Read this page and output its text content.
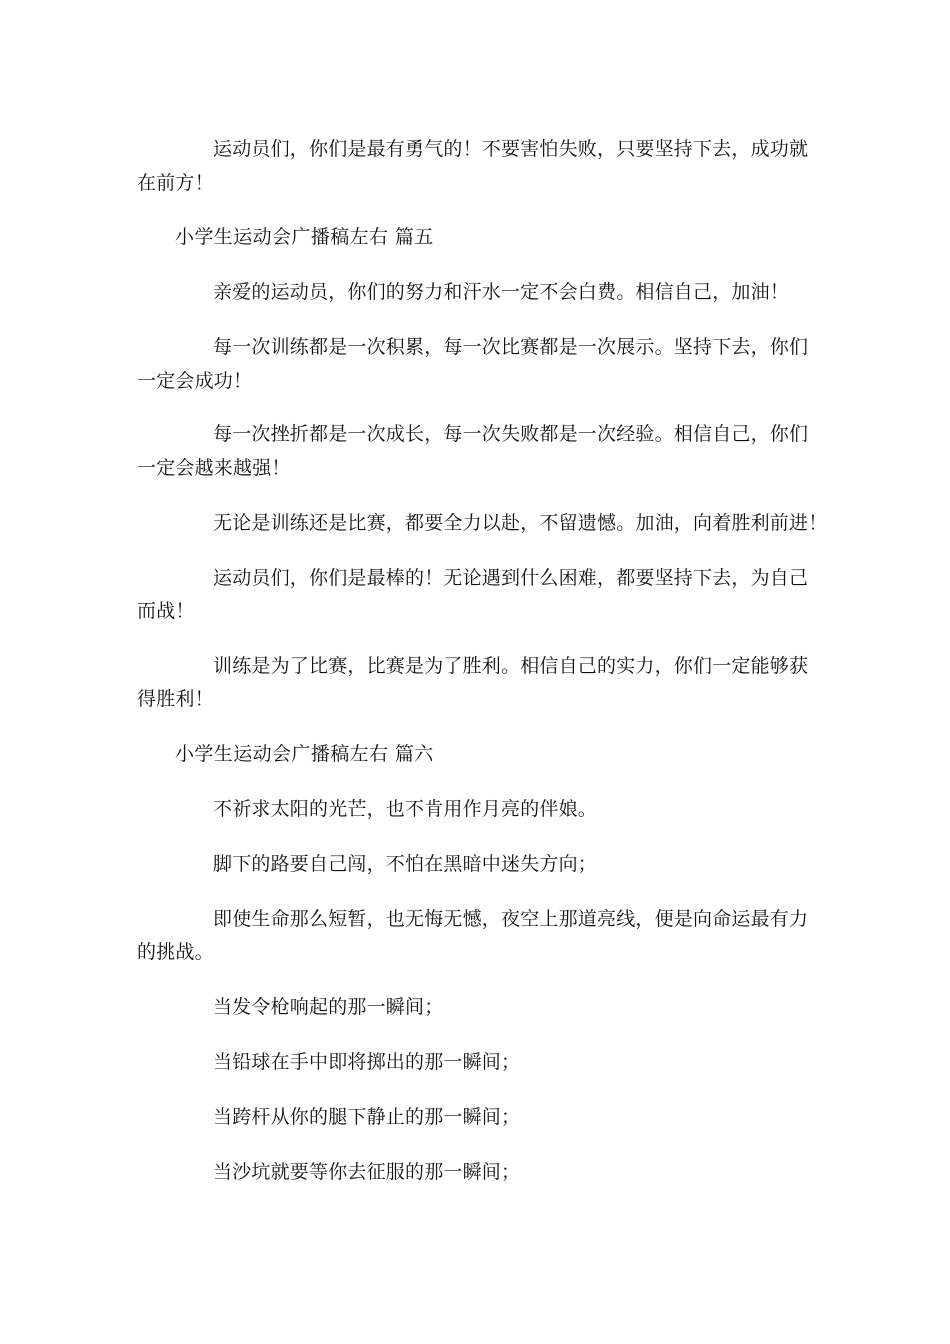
运动员们，你们是最有勇气的！不要害怕失败，只要坚持下去，成功就
在前方！
小学生运动会广播稿左右 篇五
亲爱的运动员，你们的努力和汗水一定不会白费。相信自己，加油！
每一次训练都是一次积累，每一次比赛都是一次展示。坚持下去，你们
一定会成功！
每一次挫折都是一次成长，每一次失败都是一次经验。相信自己，你们
一定会越来越强！
无论是训练还是比赛，都要全力以赴，不留遗憾。加油，向着胜利前进！
运动员们，你们是最棒的！无论遇到什么困难，都要坚持下去，为自己
而战！
训练是为了比赛，比赛是为了胜利。相信自己的实力，你们一定能够获
得胜利！
小学生运动会广播稿左右 篇六
不祈求太阳的光芒，也不肯用作月亮的伴娘。
脚下的路要自己闯，不怕在黑暗中迷失方向；
即使生命那么短暂，也无悔无憾，夜空上那道亮线，便是向命运最有力
的挑战。
当发令枪响起的那一瞬间；
当铅球在手中即将掷出的那一瞬间；
当跨杆从你的腿下静止的那一瞬间；
当沙坑就要等你去征服的那一瞬间；
